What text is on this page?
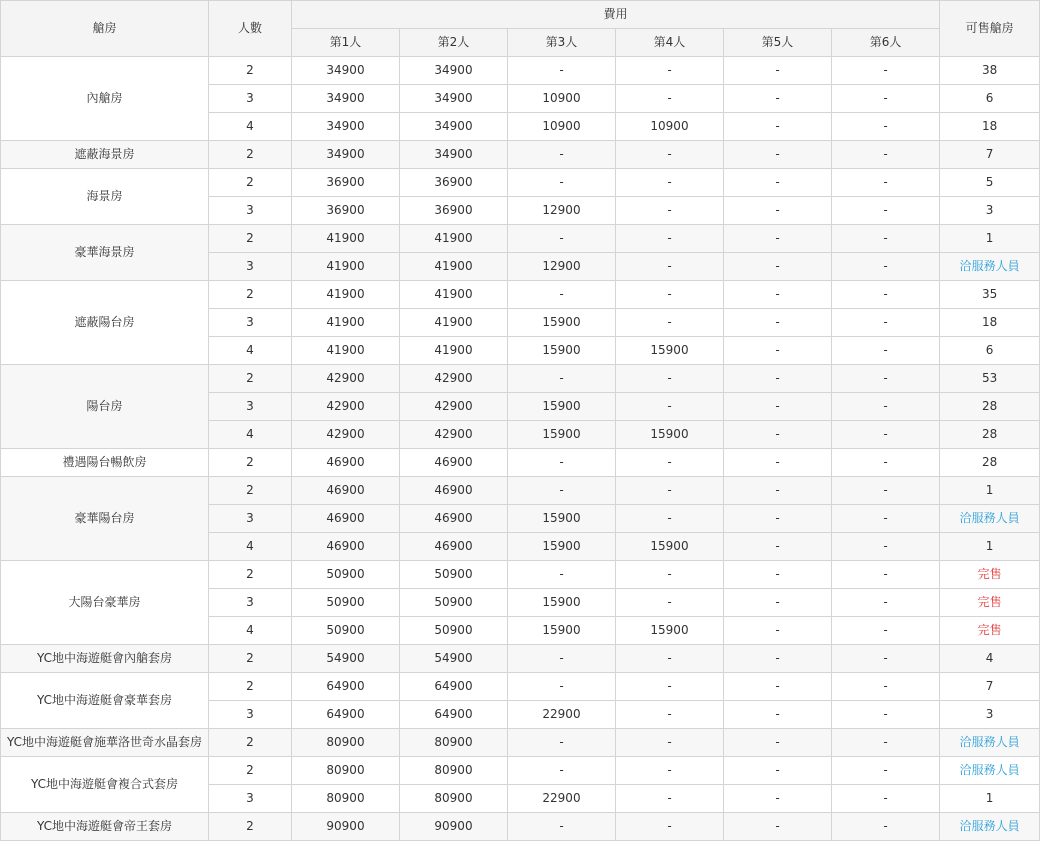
艙房	人數	費用						可售艙房
		第1人	第2人	第3人	第4人	第5人	第6人	
內艙房	2	34900	34900	-	-	-	-	38
	3	34900	34900	10900	-	-	-	6
	4	34900	34900	10900	10900	-	-	18
遮蔽海景房	2	34900	34900	-	-	-	-	7
海景房	2	36900	36900	-	-	-	-	5
	3	36900	36900	12900	-	-	-	3
豪華海景房	2	41900	41900	-	-	-	-	1
	3	41900	41900	12900	-	-	-	洽服務人員
遮蔽陽台房	2	41900	41900	-	-	-	-	35
	3	41900	41900	15900	-	-	-	18
	4	41900	41900	15900	15900	-	-	6
陽台房	2	42900	42900	-	-	-	-	53
	3	42900	42900	15900	-	-	-	28
	4	42900	42900	15900	15900	-	-	28
禮遇陽台暢飲房	2	46900	46900	-	-	-	-	28
豪華陽台房	2	46900	46900	-	-	-	-	1
	3	46900	46900	15900	-	-	-	洽服務人員
	4	46900	46900	15900	15900	-	-	1
大陽台豪華房	2	50900	50900	-	-	-	-	完售
	3	50900	50900	15900	-	-	-	完售
	4	50900	50900	15900	15900	-	-	完售
YC地中海遊艇會內艙套房	2	54900	54900	-	-	-	-	4
YC地中海遊艇會豪華套房	2	64900	64900	-	-	-	-	7
	3	64900	64900	22900	-	-	-	3
YC地中海遊艇會施華洛世奇水晶套房	2	80900	80900	-	-	-	-	洽服務人員
YC地中海遊艇會複合式套房	2	80900	80900	-	-	-	-	洽服務人員
	3	80900	80900	22900	-	-	-	1
YC地中海遊艇會帝王套房	2	90900	90900	-	-	-	-	洽服務人員
